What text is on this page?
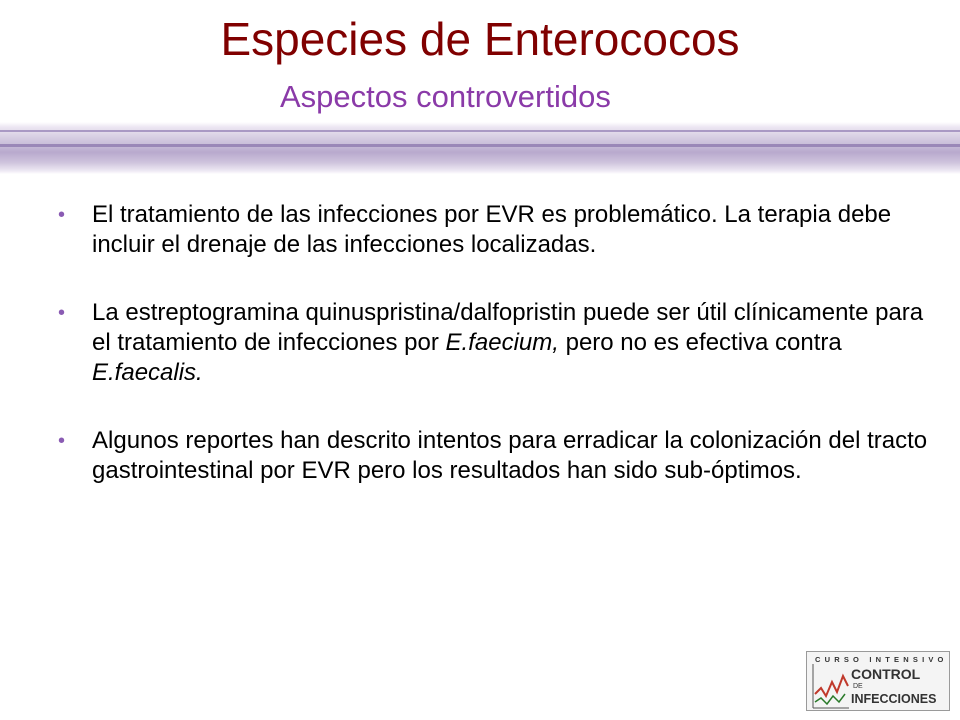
Especies de Enterococos
Aspectos controvertidos
• El tratamiento de las infecciones por EVR es problemático. La terapia debe incluir el drenaje de las infecciones localizadas.
• La estreptogramina quinuspristina/dalfopristin puede ser útil clínicamente para el tratamiento de infecciones por E.faecium, pero no es efectiva contra E.faecalis.
• Algunos reportes han descrito intentos para erradicar la colonización del tracto gastrointestinal por EVR pero los resultados han sido sub-óptimos.
CURSO INTENSIVO
CONTROL
DE
INFECCIONES
